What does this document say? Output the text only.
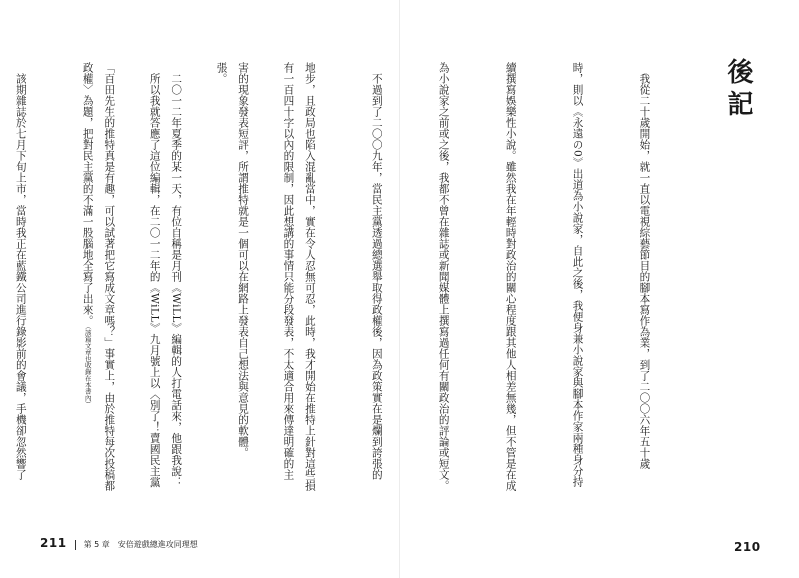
有一百四十字以內的限制，因此想講的事情只能分段發表，不太適合用來傳達明確的主

張。

　所以我就答應了這位編輯，在二〇一二年的《WiLL》九月號上以〈別了！賣國民主黨

政權〉為題，把對民主黨的不滿一股腦地全寫了出來。（該篇文章也收錄在本書內）

　該期雜誌於七月下旬上市，當時我正在藍鐵公司進行錄影前的會議，手機卻忽然響了

211	第 5 章　安倍遊戲總進攻同理想

　我從二十歲開始，就一直以電視綜藝節目的腳本寫作為業，到了二〇〇六年五十歲

時，則以《永遠の0》出道為小說家，自此之後，我便身兼小說家與腳本作家兩種身分持

續撰寫娛樂性小說。雖然我在年輕時對政治的關心程度跟其他人相差無幾，但不管是在成

為小說家之前或之後，我都不曾在雜誌或新聞媒體上撰寫過任何有關政治的評論或短文。

　不過到了二〇〇九年，當民主黨透過總選舉取得政權後，因為政策實在是爛到誇張的

地步，且政局也陷入混亂當中，實在令人忍無可忍，此時，我才開始在推特上針對這些損

害的現象發表短評，所謂推特就是一個可以在網路上發表自己想法與意見的軟體。

　二〇一二年夏季的某一天，有位自稱是月刊《WiLL》編輯的人打電話來，他跟我說：

「百田先生的推特真是有趣，可以試著把它寫成文章嗎？」事實上，由於推特每次投稿都

	後記
210
